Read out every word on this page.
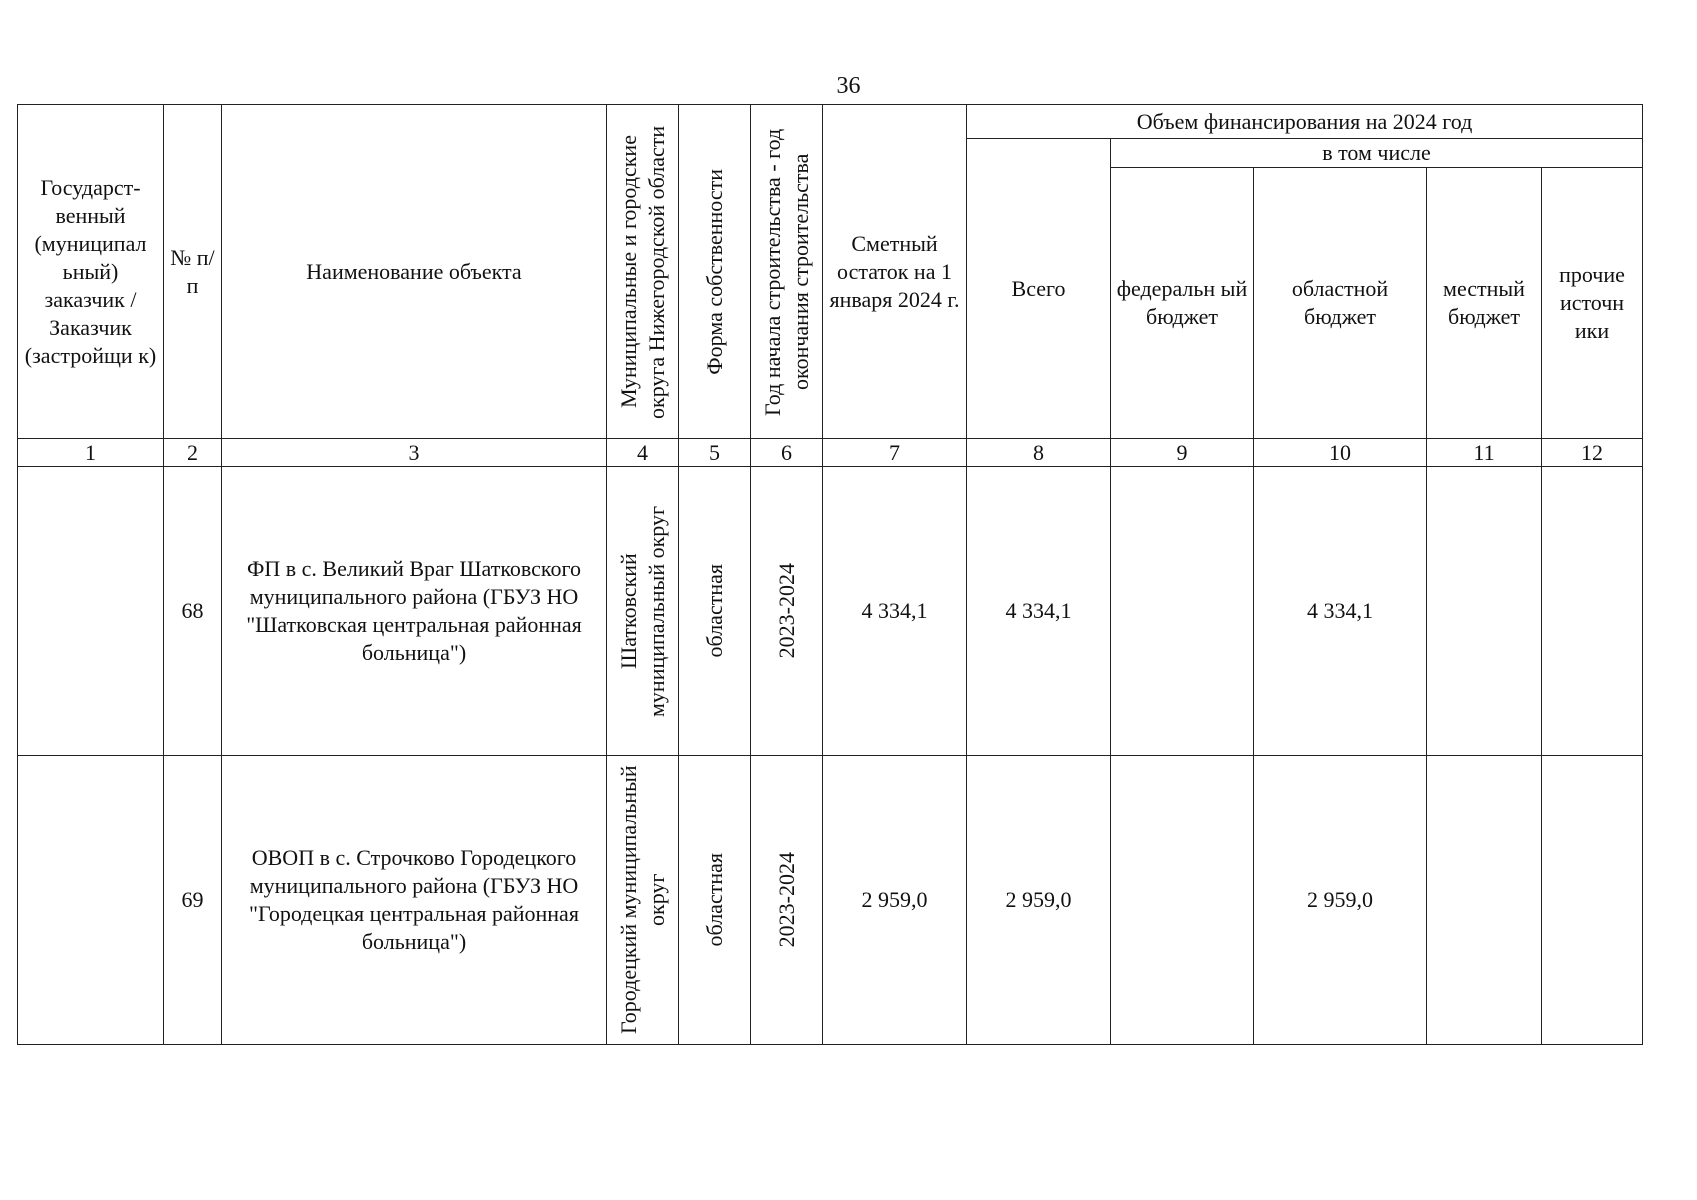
36
Государст-венный (муниципал ьный) заказчик / Заказчик (застройщи к)	№ п/п	Наименование объекта	Муниципальные и городские округа Нижегородской области	Форма собственности	Год начала строительства - год окончания строительства	Сметный остаток на 1 января 2024 г.	Объем финансирования на 2024 год				
							Всего	в том числе			

								федеральн ый бюджет	областной бюджет	местный бюджет	прочие источн ики

1	2	3	4	5	6	7	8	9	10	11	12
	68	ФП в с. Великий Враг Шатковского муниципального района (ГБУЗ НО "Шатковская центральная районная больница")	Шатковский муниципальный округ	областная	2023-2024	4 334,1	4 334,1		4 334,1		
	69	ОВОП в с. Строчково Городецкого муниципального района (ГБУЗ НО "Городецкая центральная районная больница")	Городецкий муниципальный округ	областная	2023-2024	2 959,0	2 959,0		2 959,0		
